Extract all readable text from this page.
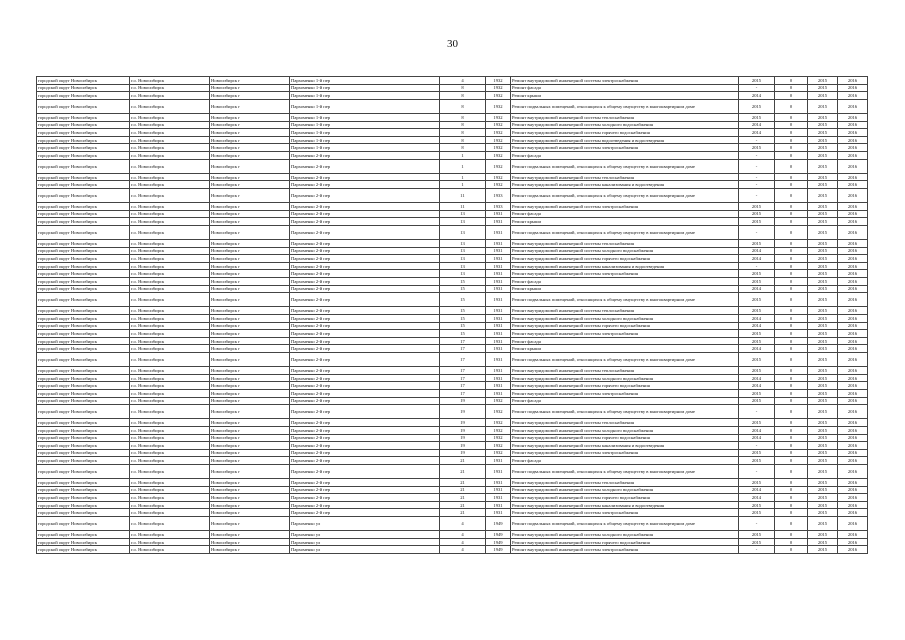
30
городской округ Новосибирск	г.о. Новосибирск	Новосибирск г	Пархоменко 1-й пер	4	1932	Ремонт внутридомовой инженерной системы электроснабжения	2015	0	2015	2016
городской округ Новосибирск	г.о. Новосибирск	Новосибирск г	Пархоменко 1-й пер	8	1932	Ремонт фасада	-	0	2015	2016
городской округ Новосибирск	г.о. Новосибирск	Новосибирск г	Пархоменко 1-й пер	8	1932	Ремонт крыши	2014	0	2015	2016
городской округ Новосибирск	г.о. Новосибирск	Новосибирск г	Пархоменко 1-й пер	8	1932	Ремонт подвальных помещений, относящихся к общему имуществу в многоквартирном доме	2015	0	2015	2016
городской округ Новосибирск	г.о. Новосибирск	Новосибирск г	Пархоменко 1-й пер	8	1932	Ремонт внутридомовой инженерной системы теплоснабжения	2015	0	2015	2016
городской округ Новосибирск	г.о. Новосибирск	Новосибирск г	Пархоменко 1-й пер	8	1932	Ремонт внутридомовой инженерной системы холодного водоснабжения	2014	0	2015	2016
городской округ Новосибирск	г.о. Новосибирск	Новосибирск г	Пархоменко 1-й пер	8	1932	Ремонт внутридомовой инженерной системы горячего водоснабжения	2014	0	2015	2016
городской округ Новосибирск	г.о. Новосибирск	Новосибирск г	Пархоменко 1-й пер	8	1932	Ремонт внутридомовой инженерной системы водоотведения и водоотведения	-	0	2015	2016
городской округ Новосибирск	г.о. Новосибирск	Новосибирск г	Пархоменко 1-й пер	8	1932	Ремонт внутридомовой инженерной системы электроснабжения	2015	0	2015	2016
городской округ Новосибирск	г.о. Новосибирск	Новосибирск г	Пархоменко 2-й пер	1	1932	Ремонт фасада	-	0	2015	2016
городской округ Новосибирск	г.о. Новосибирск	Новосибирск г	Пархоменко 2-й пер	1	1932	Ремонт подвальных помещений, относящихся к общему имуществу в многоквартирном доме	-	0	2015	2016
городской округ Новосибирск	г.о. Новосибирск	Новосибирск г	Пархоменко 2-й пер	1	1932	Ремонт внутридомовой инженерной системы теплоснабжения	-	0	2015	2016
городской округ Новосибирск	г.о. Новосибирск	Новосибирск г	Пархоменко 2-й пер	1	1932	Ремонт внутридомовой инженерной системы канализования и водоотведения	-	0	2015	2016
городской округ Новосибирск	г.о. Новосибирск	Новосибирск г	Пархоменко 2-й пер	11	1933	Ремонт подвальных помещений, относящихся к общему имуществу в многоквартирном доме	-	0	2015	2016
городской округ Новосибирск	г.о. Новосибирск	Новосибирск г	Пархоменко 2-й пер	11	1933	Ремонт внутридомовой инженерной системы электроснабжения	2015	0	2015	2016
городской округ Новосибирск	г.о. Новосибирск	Новосибирск г	Пархоменко 2-й пер	13	1931	Ремонт фасада	2015	0	2015	2016
городской округ Новосибирск	г.о. Новосибирск	Новосибирск г	Пархоменко 2-й пер	13	1931	Ремонт крыши	2015	0	2015	2016
городской округ Новосибирск	г.о. Новосибирск	Новосибирск г	Пархоменко 2-й пер	13	1931	Ремонт подвальных помещений, относящихся к общему имуществу в многоквартирном доме	-	0	2015	2016
городской округ Новосибирск	г.о. Новосибирск	Новосибирск г	Пархоменко 2-й пер	13	1931	Ремонт внутридомовой инженерной системы теплоснабжения	2015	0	2015	2016
городской округ Новосибирск	г.о. Новосибирск	Новосибирск г	Пархоменко 2-й пер	13	1931	Ремонт внутридомовой инженерной системы холодного водоснабжения	2014	0	2015	2016
городской округ Новосибирск	г.о. Новосибирск	Новосибирск г	Пархоменко 2-й пер	13	1931	Ремонт внутридомовой инженерной системы горячего водоснабжения	2014	0	2015	2016
городской округ Новосибирск	г.о. Новосибирск	Новосибирск г	Пархоменко 2-й пер	13	1931	Ремонт внутридомовой инженерной системы канализования и водоотведения	-	0	2015	2016
городской округ Новосибирск	г.о. Новосибирск	Новосибирск г	Пархоменко 2-й пер	13	1931	Ремонт внутридомовой инженерной системы электроснабжения	2015	0	2015	2016
городской округ Новосибирск	г.о. Новосибирск	Новосибирск г	Пархоменко 2-й пер	15	1931	Ремонт фасада	2015	0	2015	2016
городской округ Новосибирск	г.о. Новосибирск	Новосибирск г	Пархоменко 2-й пер	15	1931	Ремонт крыши	2014	0	2015	2016
городской округ Новосибирск	г.о. Новосибирск	Новосибирск г	Пархоменко 2-й пер	15	1931	Ремонт подвальных помещений, относящихся к общему имуществу в многоквартирном доме	2015	0	2015	2016
городской округ Новосибирск	г.о. Новосибирск	Новосибирск г	Пархоменко 2-й пер	15	1931	Ремонт внутридомовой инженерной системы теплоснабжения	2015	0	2015	2016
городской округ Новосибирск	г.о. Новосибирск	Новосибирск г	Пархоменко 2-й пер	15	1931	Ремонт внутридомовой инженерной системы холодного водоснабжения	2014	0	2015	2016
городской округ Новосибирск	г.о. Новосибирск	Новосибирск г	Пархоменко 2-й пер	15	1931	Ремонт внутридомовой инженерной системы горячего водоснабжения	2014	0	2015	2016
городской округ Новосибирск	г.о. Новосибирск	Новосибирск г	Пархоменко 2-й пер	15	1931	Ремонт внутридомовой инженерной системы электроснабжения	2015	0	2015	2016
городской округ Новосибирск	г.о. Новосибирск	Новосибирск г	Пархоменко 2-й пер	17	1931	Ремонт фасада	2015	0	2015	2016
городской округ Новосибирск	г.о. Новосибирск	Новосибирск г	Пархоменко 2-й пер	17	1931	Ремонт крыши	2014	0	2015	2016
городской округ Новосибирск	г.о. Новосибирск	Новосибирск г	Пархоменко 2-й пер	17	1931	Ремонт подвальных помещений, относящихся к общему имуществу в многоквартирном доме	2015	0	2015	2016
городской округ Новосибирск	г.о. Новосибирск	Новосибирск г	Пархоменко 2-й пер	17	1931	Ремонт внутридомовой инженерной системы теплоснабжения	2015	0	2015	2016
городской округ Новосибирск	г.о. Новосибирск	Новосибирск г	Пархоменко 2-й пер	17	1931	Ремонт внутридомовой инженерной системы холодного водоснабжения	2014	0	2015	2016
городской округ Новосибирск	г.о. Новосибирск	Новосибирск г	Пархоменко 2-й пер	17	1931	Ремонт внутридомовой инженерной системы горячего водоснабжения	2014	0	2015	2016
городской округ Новосибирск	г.о. Новосибирск	Новосибирск г	Пархоменко 2-й пер	17	1931	Ремонт внутридомовой инженерной системы электроснабжения	2015	0	2015	2016
городской округ Новосибирск	г.о. Новосибирск	Новосибирск г	Пархоменко 2-й пер	19	1932	Ремонт фасада	2015	0	2015	2016
городской округ Новосибирск	г.о. Новосибирск	Новосибирск г	Пархоменко 2-й пер	19	1932	Ремонт подвальных помещений, относящихся к общему имуществу в многоквартирном доме	-	0	2015	2016
городской округ Новосибирск	г.о. Новосибирск	Новосибирск г	Пархоменко 2-й пер	19	1932	Ремонт внутридомовой инженерной системы теплоснабжения	2015	0	2015	2016
городской округ Новосибирск	г.о. Новосибирск	Новосибирск г	Пархоменко 2-й пер	19	1932	Ремонт внутридомовой инженерной системы холодного водоснабжения	2014	0	2015	2016
городской округ Новосибирск	г.о. Новосибирск	Новосибирск г	Пархоменко 2-й пер	19	1932	Ремонт внутридомовой инженерной системы горячего водоснабжения	2014	0	2015	2016
городской округ Новосибирск	г.о. Новосибирск	Новосибирск г	Пархоменко 2-й пер	19	1932	Ремонт внутридомовой инженерной системы канализования и водоотведения	-	0	2015	2016
городской округ Новосибирск	г.о. Новосибирск	Новосибирск г	Пархоменко 2-й пер	19	1932	Ремонт внутридомовой инженерной системы электроснабжения	2015	0	2015	2016
городской округ Новосибирск	г.о. Новосибирск	Новосибирск г	Пархоменко 2-й пер	21	1931	Ремонт фасада	2015	0	2015	2016
городской округ Новосибирск	г.о. Новосибирск	Новосибирск г	Пархоменко 2-й пер	21	1931	Ремонт подвальных помещений, относящихся к общему имуществу в многоквартирном доме	-	0	2015	2016
городской округ Новосибирск	г.о. Новосибирск	Новосибирск г	Пархоменко 2-й пер	21	1931	Ремонт внутридомовой инженерной системы теплоснабжения	2015	0	2015	2016
городской округ Новосибирск	г.о. Новосибирск	Новосибирск г	Пархоменко 2-й пер	21	1931	Ремонт внутридомовой инженерной системы холодного водоснабжения	2014	0	2015	2016
городской округ Новосибирск	г.о. Новосибирск	Новосибирск г	Пархоменко 2-й пер	21	1931	Ремонт внутридомовой инженерной системы горячего водоснабжения	2014	0	2015	2016
городской округ Новосибирск	г.о. Новосибирск	Новосибирск г	Пархоменко 2-й пер	21	1931	Ремонт внутридомовой инженерной системы канализования и водоотведения	2015	0	2015	2016
городской округ Новосибирск	г.о. Новосибирск	Новосибирск г	Пархоменко 2-й пер	21	1931	Ремонт внутридомовой инженерной системы электроснабжения	2015	0	2015	2016
городской округ Новосибирск	г.о. Новосибирск	Новосибирск г	Пархоменко ул	4	1949	Ремонт подвальных помещений, относящихся к общему имуществу в многоквартирном доме	-	0	2015	2016
городской округ Новосибирск	г.о. Новосибирск	Новосибирск г	Пархоменко ул	4	1949	Ремонт внутридомовой инженерной системы холодного водоснабжения	2015	0	2015	2016
городской округ Новосибирск	г.о. Новосибирск	Новосибирск г	Пархоменко ул	4	1949	Ремонт внутридомовой инженерной системы горячего водоснабжения	2015	0	2015	2016
городской округ Новосибирск	г.о. Новосибирск	Новосибирск г	Пархоменко ул	4	1949	Ремонт внутридомовой инженерной системы электроснабжения	-	0	2015	2016
